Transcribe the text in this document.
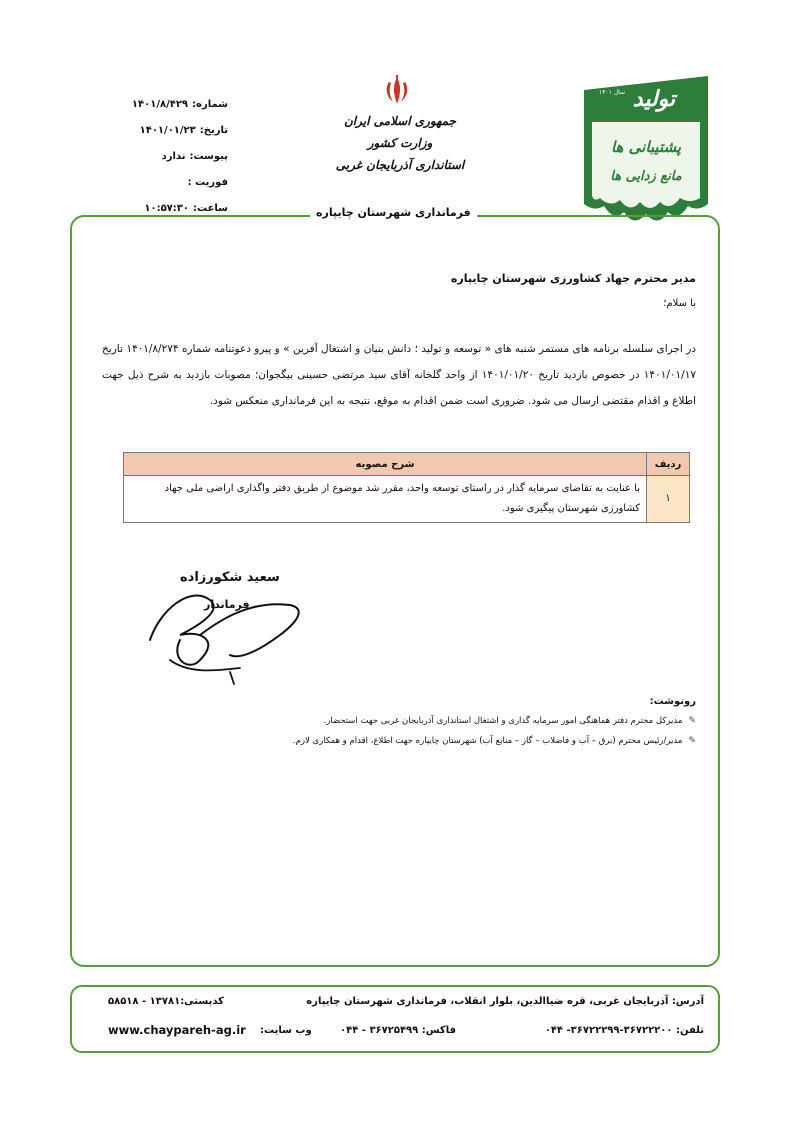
شماره:
۱۴۰۱/۸/۴۲۹
تاریخ:
۱۴۰۱/۰۱/۲۳
پیوست:
ندارد
فوریت :
ساعت:
۱۰:۵۷:۳۰
جمهوری اسلامی ایران
وزارت کشور
استانداری آذربایجان غربی
تولید
سال ۱۴۰۱
پشتیبانی ها
مانع زدایی ها
فرمانداری شهرستان چایپاره
مدیر محترم جهاد کشاورزی شهرستان چایپاره
با سلام؛
در اجرای سلسله برنامه های مستمر شنبه های « توسعه و تولید ؛ دانش بنیان و اشتغال آفرین » و پیرو دعوتنامه شماره ۱۴۰۱/۸/۲۷۴ تاریخ ۱۴۰۱/۰۱/۱۷ در خصوص بازدید تاریخ ۱۴۰۱/۰۱/۲۰ از واحد گلخانه آقای سید مرتضی حسینی بیگجوان؛ مصوبات بازدید به شرح ذیل جهت اطلاع و اقدام مقتضی ارسال می شود. ضروری است ضمن اقدام به موقع، نتیجه به این فرمانداری منعکس شود.
ردیف	شرح مصوبه
۱	با عنایت به تقاضای سرمایه گذار در راستای توسعه واحد، مقرر شد موضوع از طریق دفتر واگذاری اراضی ملی جهاد کشاورزی شهرستان پیگیری شود.
سعید شکورزاده
فرماندار
رونوشت:
✎
مدیرکل محترم دفتر هماهنگی امور سرمایه گذاری و اشتغال استانداری آذربایجان غربی جهت استحضار.
✎
مدیر/رئیس محترم (برق – آب و فاضلاب – گاز – منابع آب) شهرستان چایپاره جهت اطلاع، اقدام و همکاری لازم.
آدرس: آذربایجان غربی، قره ضیاالدین، بلوار انقلاب، فرمانداری شهرستان چایپاره
کدپستی:۱۳۷۸۱ - ۵۸۵۱۸
تلفن: ۳۶۷۲۲۲۰۰-۳۶۷۲۲۲۹۹- ۰۴۴
فاکس: ۳۶۷۲۵۴۹۹ - ۰۴۴
وب سایت:
www.chaypareh-ag.ir
